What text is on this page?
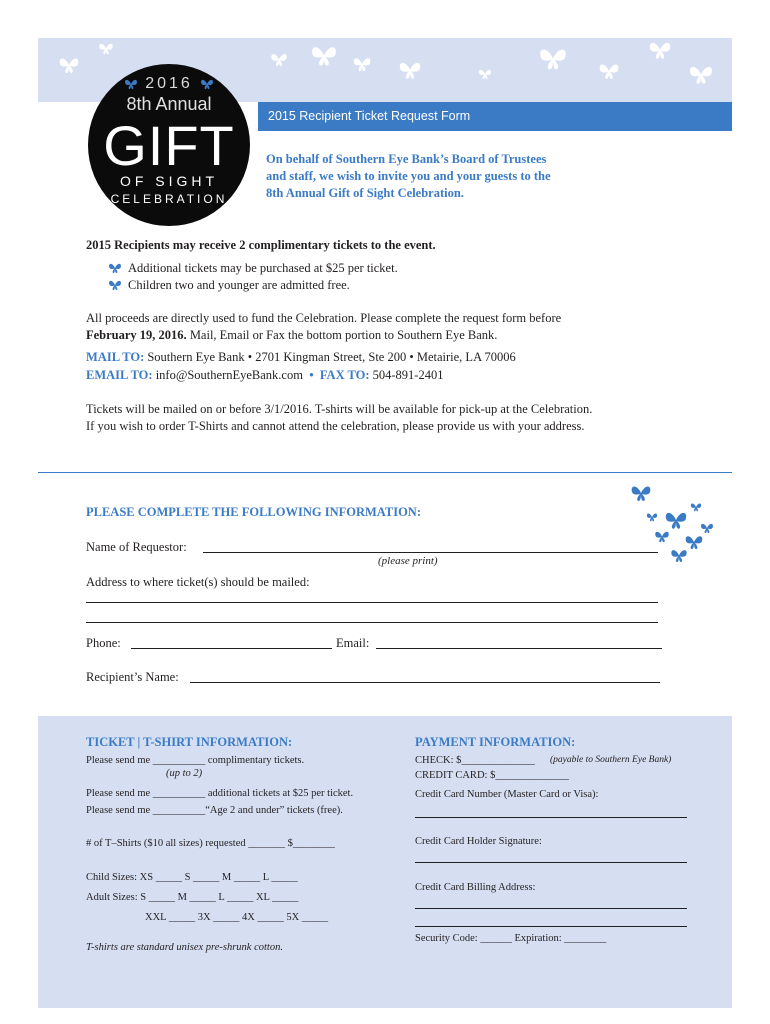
2015 Recipient Ticket Request Form
2016
8th Annual
GIFT
OF SIGHT
CELEBRATION
On behalf of Southern Eye Bank’s Board of Trustees
and staff, we wish to invite you and your guests to the
8th Annual Gift of Sight Celebration.
2015 Recipients may receive 2 complimentary tickets to the event.
Additional tickets may be purchased at $25 per ticket.
Children two and younger are admitted free.
All proceeds are directly used to fund the Celebration. Please complete the request form before
February 19, 2016. Mail, Email or Fax the bottom portion to Southern Eye Bank.
MAIL TO: Southern Eye Bank • 2701 Kingman Street, Ste 200 • Metairie, LA 70006
EMAIL TO: info@SouthernEyeBank.com  •  FAX TO: 504-891-2401
Tickets will be mailed on or before 3/1/2016. T-shirts will be available for pick-up at the Celebration.
If you wish to order T-Shirts and cannot attend the celebration, please provide us with your address.
PLEASE COMPLETE THE FOLLOWING INFORMATION:
Name of Requestor:
(please print)
Address to where ticket(s) should be mailed:
Phone:	Email:
Recipient’s Name:
TICKET | T-SHIRT INFORMATION:
Please send me __________ complimentary tickets.
(up to 2)
Please send me __________ additional tickets at $25 per ticket.
Please send me __________“Age 2 and under” tickets (free).
# of T–Shirts ($10 all sizes) requested _______ $________
Child Sizes: XS _____ S _____ M _____ L _____
Adult Sizes: S _____ M _____ L _____ XL _____
XXL _____ 3X _____ 4X _____ 5X _____
T-shirts are standard unisex pre-shrunk cotton.
PAYMENT INFORMATION:
CHECK: $______________ (payable to Southern Eye Bank)
CREDIT CARD: $______________
Credit Card Number (Master Card or Visa):
Credit Card Holder Signature:
Credit Card Billing Address:
Security Code: ______ Expiration: ________
